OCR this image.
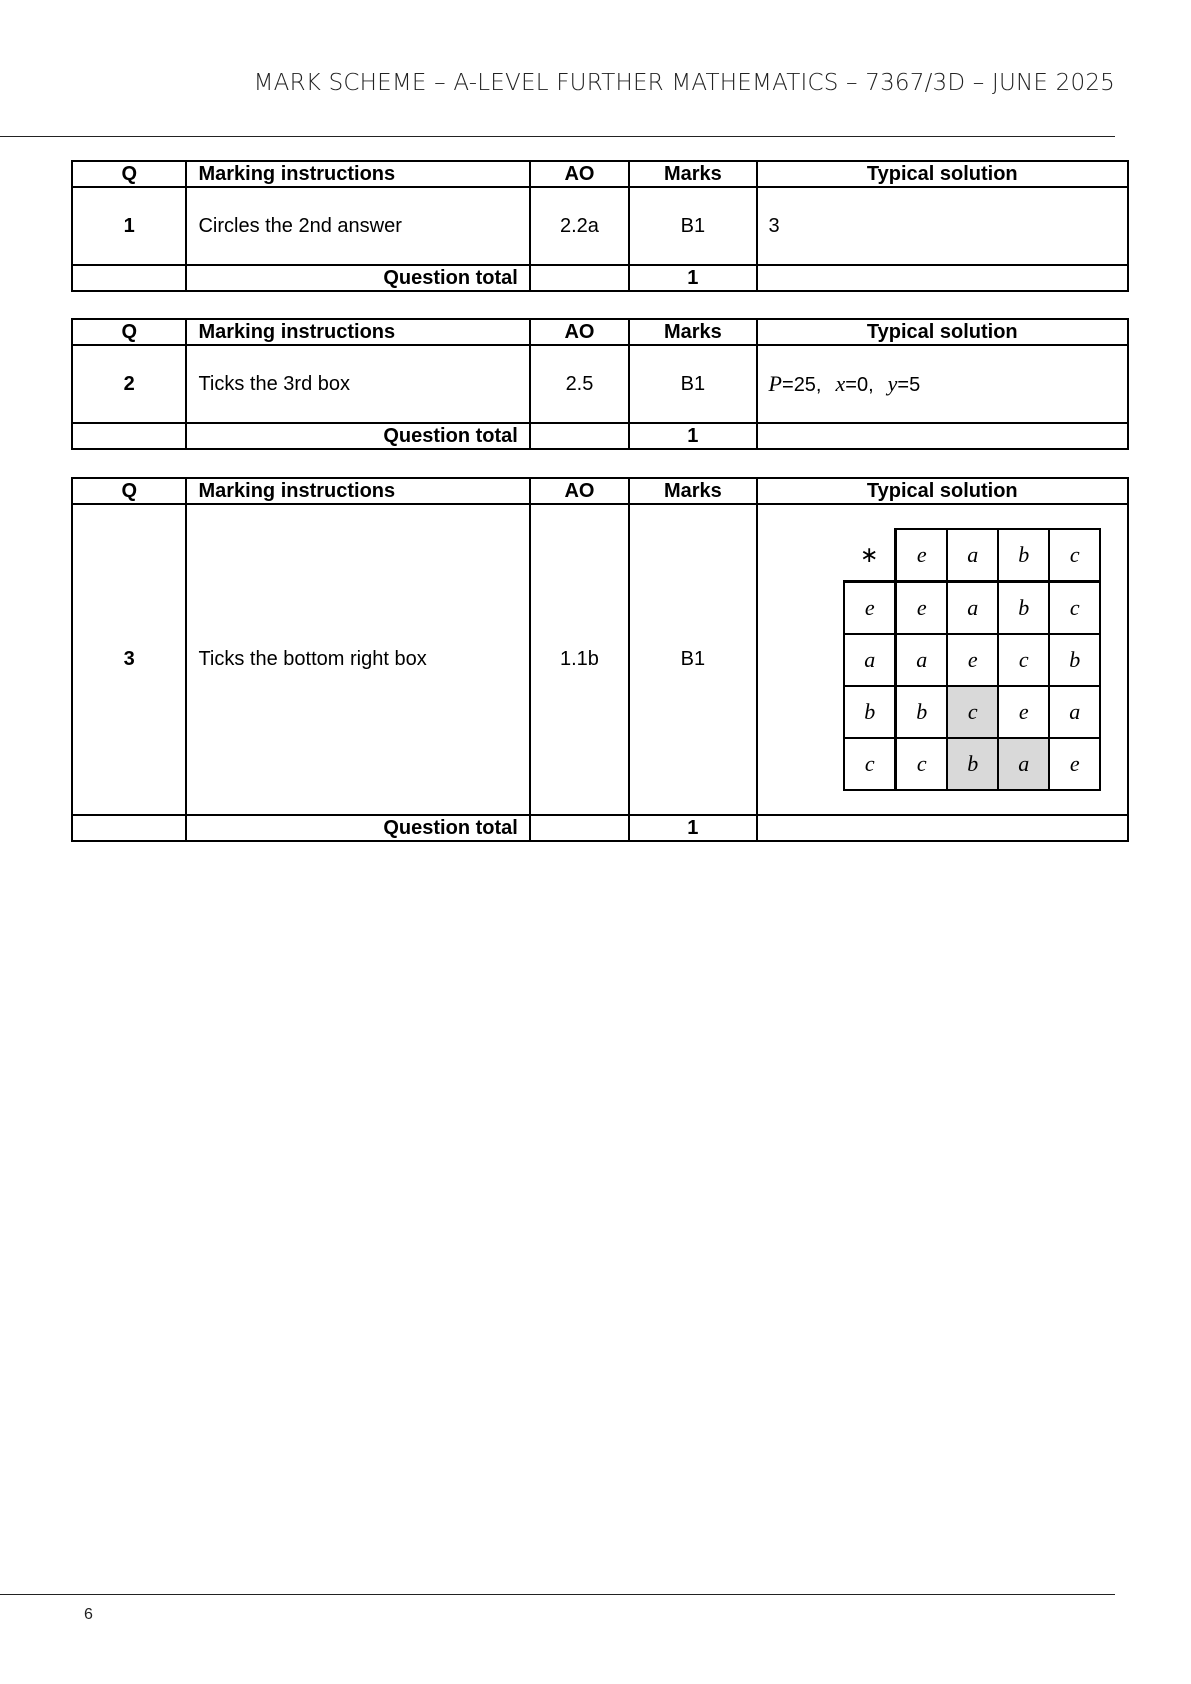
MARK SCHEME – A-LEVEL FURTHER MATHEMATICS – 7367/3D – JUNE 2025
Q	Marking instructions	AO	Marks	Typical solution
1	Circles the 2nd answer	2.2a	B1	3
	Question total		1	
Q	Marking instructions	AO	Marks	Typical solution
2	Ticks the 3rd box	2.5	B1	P=25, x=0, y=5
	Question total		1	
Q	Marking instructions	AO	Marks	Typical solution
3	Ticks the bottom right box	1.1b	B1	
∗	e	a	b	c
e	e	a	b	c
a	a	e	c	b
b	b	c	e	a
c	c	b	a	e

	Question total		1	
6
